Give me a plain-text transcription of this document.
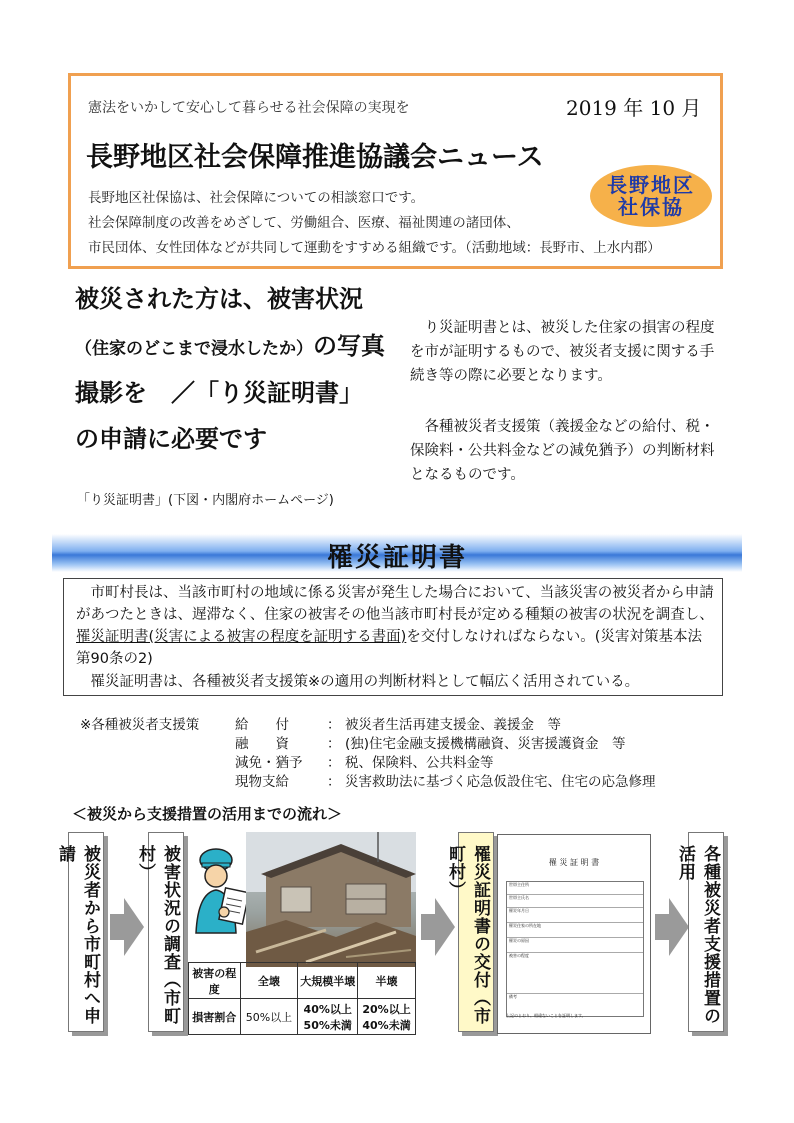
憲法をいかして安心して暮らせる社会保障の実現を	2019 年 10 月
長野地区社会保障推進協議会ニュース
長野地区社保協は、社会保障についての相談窓口です。
社会保障制度の改善をめざして、労働組合、医療、福祉関連の諸団体、
市民団体、女性団体などが共同して運動をすすめる組織です。（活動地域：長野市、上水内郡）
長野地区
社保協
被災された方は、被害状況
（住家のどこまで浸水したか）の写真
撮影を　／「り災証明書」
の申請に必要です
「り災証明書」(下図・内閣府ホームページ)
り災証明書とは、被災した住家の損害の程度を市が証明するもので、被災者支援に関する手続き等の際に必要となります。
各種被災者支援策（義援金などの給付、税・保険料・公共料金などの減免猶予）の判断材料となるものです。
罹災証明書
市町村長は、当該市町村の地域に係る災害が発生した場合において、当該災害の被災者から申請があつたときは、遅滞なく、住家の被害その他当該市町村長が定める種類の被害の状況を調査し、罹災証明書(災害による被害の程度を証明する書面)を交付しなければならない。(災害対策基本法第90条の2)
罹災証明書は、各種被災者支援策※の適用の判断材料として幅広く活用されている。
※各種被災者支援策	給　　付	： 被災者生活再建支援金、義援金　等
融　　資	： (独)住宅金融支援機構融資、災害援護資金　等
減免・猶予	： 税、保険料、公共料金等
現物支給	： 災害救助法に基づく応急仮設住宅、住宅の応急修理
＜被災から支援措置の活用までの流れ＞
被災者から市町村へ申請	被害状況の調査（市町村）
被害の程度	全壊	大規模半壊	半壊
損害割合	50%以上	40%以上50%未満	20%以上40%未満	罹災証明書の交付（市町村）	罹 災 証 明 書
世帯主住所
世帯主氏名
罹災年月日
罹災住家の所在地
罹災の原因
被害の程度
備考
上記のとおり、相違ないことを証明します。	各種被災者支援措置の活用
